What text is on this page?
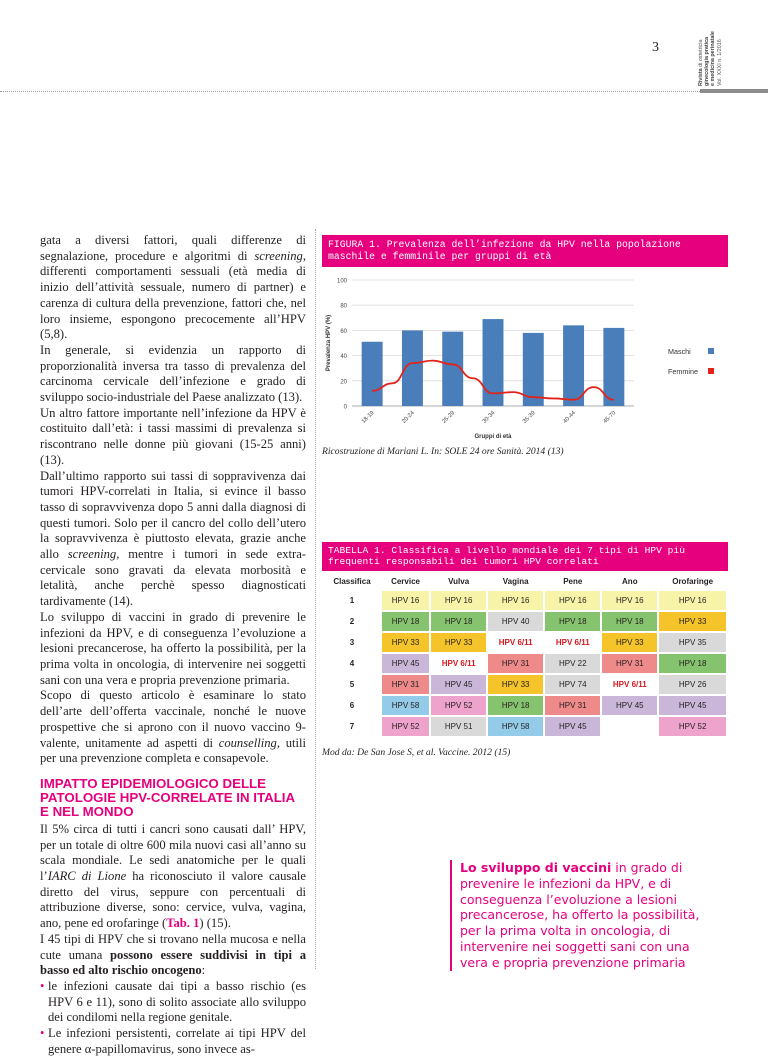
3
Rivista di ostetricia
ginecologia pratica
e medicina perinatale
Vol. XXXI n. 1/2016

gata a diversi fattori, quali differenze di segnalazione, procedure e algoritmi di screening, differenti comportamenti sessuali (età media di inizio dell’attività sessuale, numero di partner) e carenza di cultura della prevenzione, fattori che, nel loro insieme, espongono precocemente all’HPV (5,8).

In generale, si evidenzia un rapporto di proporzionalità inversa tra tasso di prevalenza del carcinoma cervicale dell’infezione e grado di sviluppo socio-industriale del Paese analizzato (13).

Un altro fattore importante nell’infezione da HPV è costituito dall’età: i tassi massimi di prevalenza si riscontrano nelle donne più giovani (15-25 anni) (13).

Dall’ultimo rapporto sui tassi di soppravivenza dai tumori HPV-correlati in Italia, si evince il basso tasso di sopravvivenza dopo 5 anni dalla diagnosi di questi tumori. Solo per il cancro del collo dell’utero la sopravvivenza è piuttosto elevata, grazie anche allo screening, mentre i tumori in sede extra-cervicale sono gravati da elevata morbosità e letalità, anche perchè spesso diagnosticati tardivamente (14).

Lo sviluppo di vaccini in grado di prevenire le infezioni da HPV, e di conseguenza l’evoluzione a lesioni precancerose, ha offerto la possibilità, per la prima volta in oncologia, di intervenire nei soggetti sani con una vera e propria prevenzione primaria.

Scopo di questo articolo è esaminare lo stato dell’arte dell’offerta vaccinale, nonché le nuove prospettive che si aprono con il nuovo vaccino 9-valente, unitamente ad aspetti di counselling, utili per una prevenzione completa e consapevole.

IMPATTO EPIDEMIOLOGICO DELLE PATOLOGIE HPV-CORRELATE IN ITALIA E NEL MONDO

Il 5% circa di tutti i cancri sono causati dall’ HPV, per un totale di oltre 600 mila nuovi casi all’anno su scala mondiale. Le sedi anatomiche per le quali l’IARC di Lione ha riconosciuto il valore causale diretto del virus, seppure con percentuali di attribuzione diverse, sono: cervice, vulva, vagina, ano, pene ed orofaringe (Tab. 1) (15).

I 45 tipi di HPV che si trovano nella mucosa e nella cute umana possono essere suddivisi in tipi a basso ed alto rischio oncogeno:

• le infezioni causate dai tipi a basso rischio (es HPV 6 e 11), sono di solito associate allo sviluppo dei condilomi nella regione genitale.
• Le infezioni persistenti, correlate ai tipi HPV del genere α-papillomavirus, sono invece as-
FIGURA 1. Prevalenza dell’infezione da HPV nella popolazione maschile e femminile per gruppi di età
0
20
40
60
80
100
18-19	20-24	25-29	30-34	35-39	40-44	45-70
Prevalenza HPV (%)
Gruppi di età
Maschi
Femmine
Ricostruzione di Mariani L. In: SOLE 24 ore Sanità. 2014 (13)
TABELLA 1. Classifica a livello mondiale dei 7 tipi di HPV più frequenti responsabili dei tumori HPV correlati
Classifica	Cervice	Vulva	Vagina	Pene	Ano	Orofaringe
1	HPV 16	HPV 16	HPV 16	HPV 16	HPV 16	HPV 16
2	HPV 18	HPV 18	HPV 40	HPV 18	HPV 18	HPV 33
3	HPV 33	HPV 33	HPV 6/11	HPV 6/11	HPV 33	HPV 35
4	HPV 45	HPV 6/11	HPV 31	HPV 22	HPV 31	HPV 18
5	HPV 31	HPV 45	HPV 33	HPV 74	HPV 6/11	HPV 26
6	HPV 58	HPV 52	HPV 18	HPV 31	HPV 45	HPV 45
7	HPV 52	HPV 51	HPV 58	HPV 45		HPV 52
Mod da: De San Jose S, et al. Vaccine. 2012 (15)
Lo sviluppo di vaccini in grado di prevenire le infezioni da HPV, e di conseguenza l’evoluzione a lesioni precancerose, ha offerto la possibilità, per la prima volta in oncologia, di intervenire nei soggetti sani con una vera e propria prevenzione primaria
